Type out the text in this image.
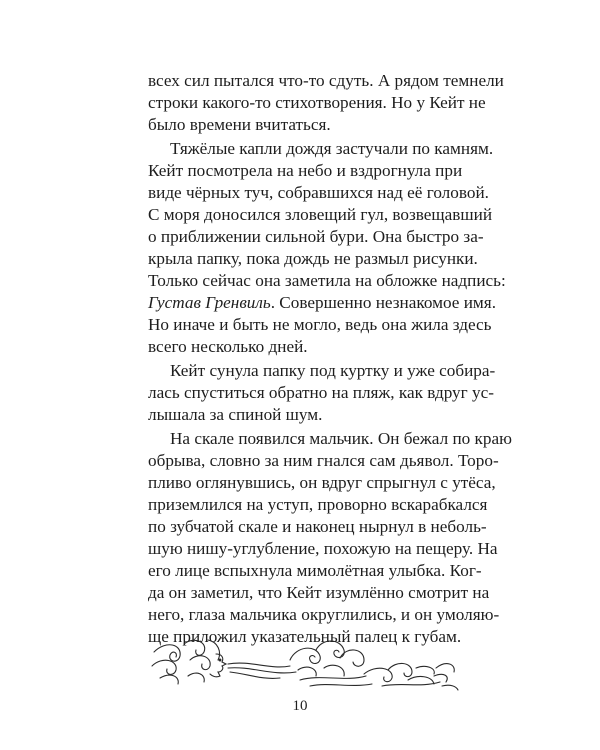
всех сил пытался что-то сдуть. А рядом темнели
строки какого-то стихотворения. Но у Кейт не
было времени вчитаться.
Тяжёлые капли дождя застучали по камням.
Кейт посмотрела на небо и вздрогнула при
виде чёрных туч, собравшихся над её головой.
С моря доносился зловещий гул, возвещавший
о приближении сильной бури. Она быстро за-
крыла папку, пока дождь не размыл рисунки.
Только сейчас она заметила на обложке надпись:
Густав Гренвиль. Совершенно незнакомое имя.
Но иначе и быть не могло, ведь она жила здесь
всего несколько дней.
Кейт сунула папку под куртку и уже собира-
лась спуститься обратно на пляж, как вдруг ус-
лышала за спиной шум.
На скале появился мальчик. Он бежал по краю
обрыва, словно за ним гнался сам дьявол. Торо-
пливо оглянувшись, он вдруг спрыгнул с утёса,
приземлился на уступ, проворно вскарабкался
по зубчатой скале и наконец нырнул в неболь-
шую нишу-углубление, похожую на пещеру. На
его лице вспыхнула мимолётная улыбка. Ког-
да он заметил, что Кейт изумлённо смотрит на
него, глаза мальчика округлились, и он умоляю-
ще приложил указательный палец к губам.
10
